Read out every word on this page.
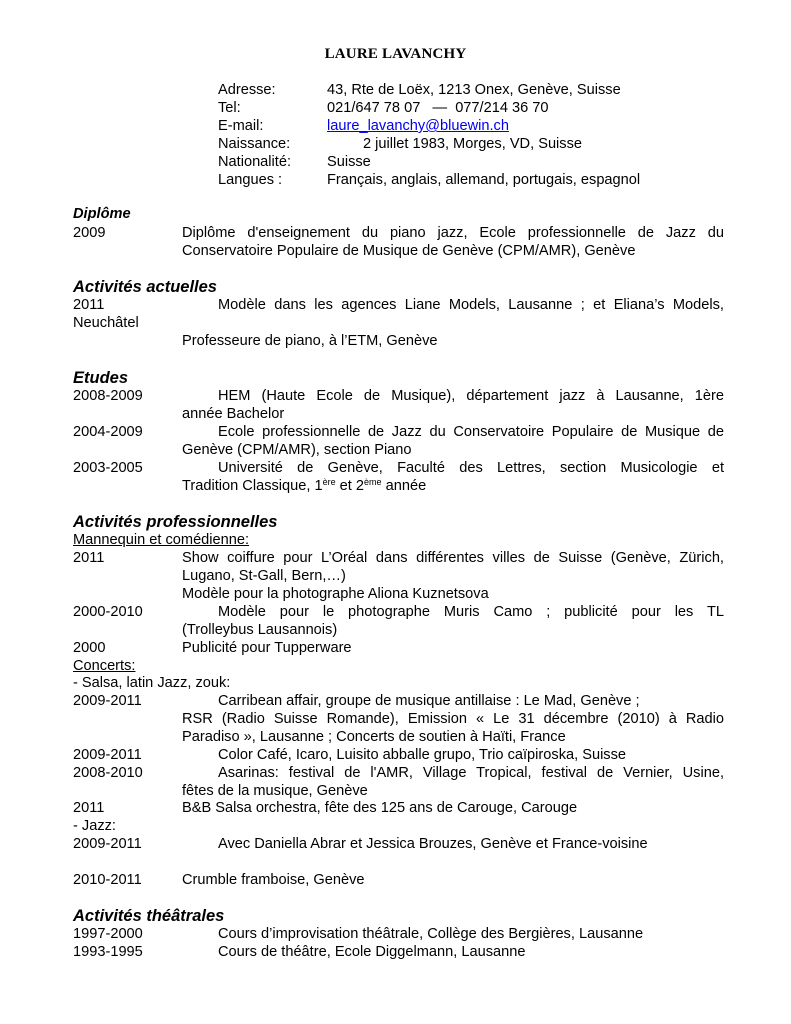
LAURE LAVANCHY
Adresse:	43, Rte de Loëx, 1213 Onex, Genève, Suisse
Tel:	021/647 78 07   —  077/214 36 70
E-mail:	laure_lavanchy@bluewin.ch
Naissance:	2 juillet 1983, Morges, VD, Suisse
Nationalité: Suisse
Langues :	Français, anglais, allemand, portugais, espagnol
Diplôme
2009	Diplôme d'enseignement du piano jazz, Ecole professionnelle de Jazz du
Conservatoire Populaire de Musique de Genève (CPM/AMR), Genève
Activités actuelles
2011	Modèle dans les agences Liane Models, Lausanne ; et Eliana’s Models,
Neuchâtel
Professeure de piano, à l’ETM, Genève
Etudes
2008-2009	HEM (Haute Ecole de Musique), département jazz à Lausanne, 1ère
année Bachelor
2004-2009	Ecole professionnelle de Jazz du Conservatoire Populaire de Musique de
Genève (CPM/AMR), section Piano
2003-2005	Université de Genève, Faculté des Lettres, section Musicologie et
Tradition Classique, 1ère et 2ème année
Activités professionnelles
Mannequin et comédienne:
2011	Show coiffure pour L’Oréal dans différentes villes de Suisse (Genève, Zürich,
Lugano, St-Gall, Bern,…)
Modèle pour la photographe Aliona Kuznetsova
2000-2010	Modèle pour le photographe Muris Camo ; publicité pour les TL
(Trolleybus Lausannois)
2000	Publicité pour Tupperware
Concerts:
- Salsa, latin Jazz, zouk:
2009-2011	Carribean affair, groupe de musique antillaise : Le Mad, Genève ;
RSR (Radio Suisse Romande), Emission « Le 31 décembre (2010) à Radio
Paradiso », Lausanne ; Concerts de soutien à Haïti, France
2009-2011	Color Café, Icaro, Luisito abballe grupo, Trio caïpiroska, Suisse
2008-2010	Asarinas: festival de l'AMR, Village Tropical, festival de Vernier, Usine,
fêtes de la musique, Genève
2011	B&B Salsa orchestra, fête des 125 ans de Carouge, Carouge
- Jazz:
2009-2011	Avec Daniella Abrar et Jessica Brouzes, Genève et France-voisine
2010-2011	Crumble framboise, Genève
Activités théâtrales
1997-2000	Cours d’improvisation théâtrale, Collège des Bergières, Lausanne
1993-1995	Cours de théâtre, Ecole Diggelmann, Lausanne
